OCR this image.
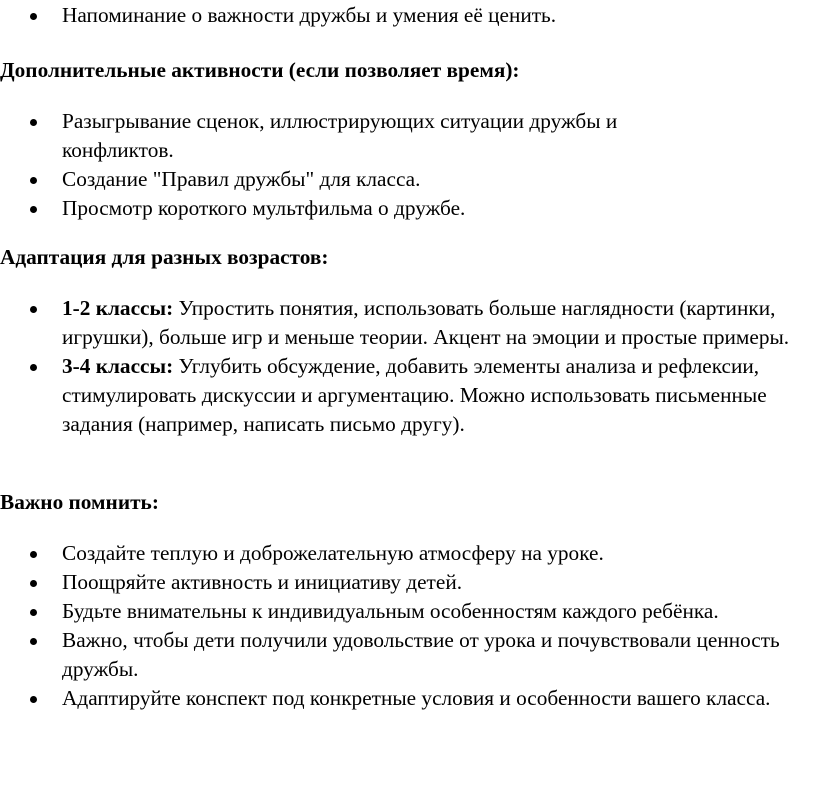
Напоминание о важности дружбы и умения её ценить.

Дополнительные активности (если позволяет время):

Разыгрывание сценок, иллюстрирующих ситуации дружбы и конфликтов.
Создание "Правил дружбы" для класса.
Просмотр короткого мультфильма о дружбе.

Адаптация для разных возрастов:

1-2 классы: Упростить понятия, использовать больше наглядности (картинки, игрушки), больше игр и меньше теории. Акцент на эмоции и простые примеры.
3-4 классы: Углубить обсуждение, добавить элементы анализа и рефлексии, стимулировать дискуссии и аргументацию. Можно использовать письменные задания (например, написать письмо другу).

Важно помнить:

Создайте теплую и доброжелательную атмосферу на уроке.
Поощряйте активность и инициативу детей.
Будьте внимательны к индивидуальным особенностям каждого ребёнка.
Важно, чтобы дети получили удовольствие от урока и почувствовали ценность дружбы.
Адаптируйте конспект под конкретные условия и особенности вашего класса.
